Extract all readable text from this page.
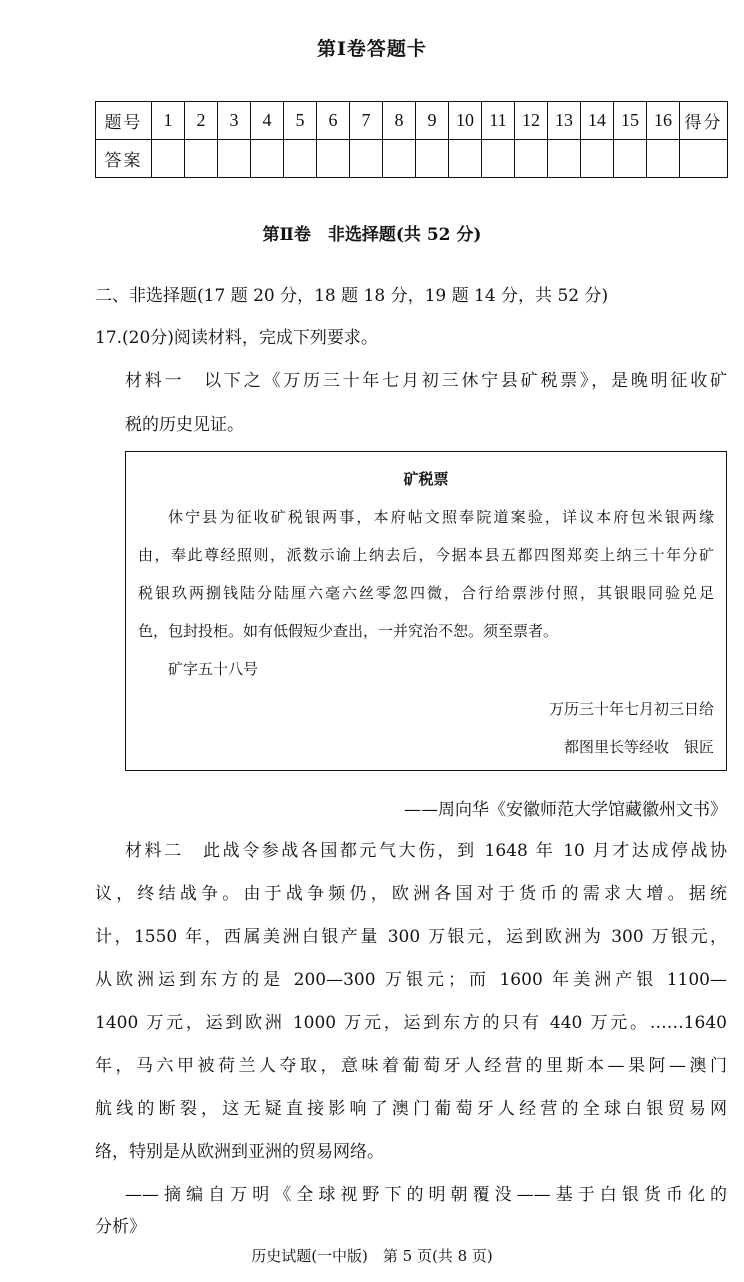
第Ⅰ卷答题卡
题号	1	2	3	4	5	6	7	8	9	10	11	12	13	14	15	16	得分
答案																	
第Ⅱ卷　非选择题(共 52 分)
二、非选择题(17 题 20 分，18 题 18 分，19 题 14 分，共 52 分)
17.(20分)阅读材料，完成下列要求。
材料一　以下之《万历三十年七月初三休宁县矿税票》，是晚明征收矿
税的历史见证。
矿税票
休宁县为征收矿税银两事，本府帖文照奉院道案验，详议本府包米银两缘
由，奉此尊经照则，派数示谕上纳去后，今据本县五都四图郑奕上纳三十年分矿
税银玖两捌钱陆分陆厘六毫六丝零忽四微，合行给票涉付照，其银眼同验兑足
色，包封投柜。如有低假短少查出，一并究治不恕。须至票者。
矿字五十八号
万历三十年七月初三日给
都图里长等经收　银匠
——周向华《安徽师范大学馆藏徽州文书》
材料二　此战令参战各国都元气大伤，到 1648 年 10 月才达成停战协
议，终结战争。由于战争频仍，欧洲各国对于货币的需求大增。据统
计，1550 年，西属美洲白银产量 300 万银元，运到欧洲为 300 万银元，
从欧洲运到东方的是 200—300 万银元；而 1600 年美洲产银 1100—
1400 万元，运到欧洲 1000 万元，运到东方的只有 440 万元。……1640
年，马六甲被荷兰人夺取，意味着葡萄牙人经营的里斯本—果阿—澳门
航线的断裂，这无疑直接影响了澳门葡萄牙人经营的全球白银贸易网
络，特别是从欧洲到亚洲的贸易网络。
——摘编自万明《全球视野下的明朝覆没——基于白银货币化的
分析》
历史试题(一中版)　第 5 页(共 8 页)
